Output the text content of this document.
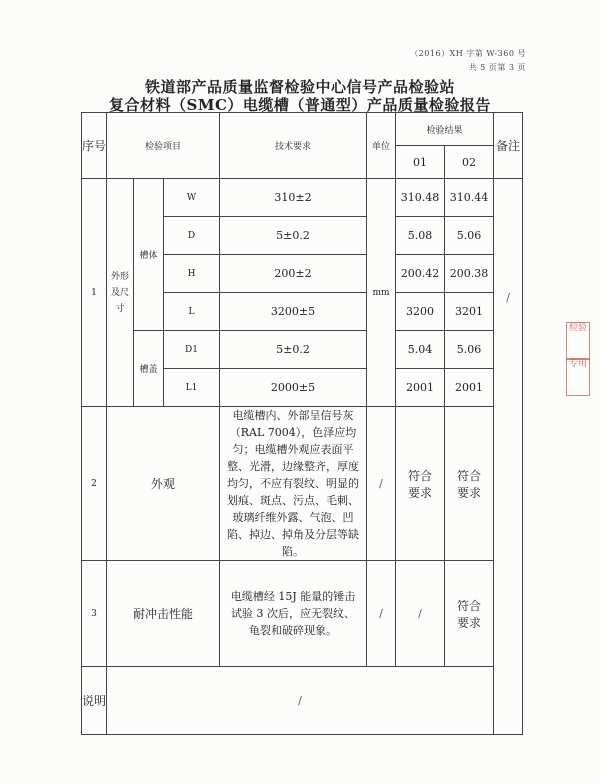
（2016）XH 字第 W-360 号
共 5 页第 3 页
铁道部产品质量监督检验中心信号产品检验站
复合材料（SMC）电缆槽（普通型）产品质量检验报告
序号	检验项目			技术要求	单位	检验结果		备注
						01	02	
1	外形及尺寸	槽体	W	310±2	mm	310.48	310.44	/
			D	5±0.2		5.08	5.06	
			H	200±2		200.42	200.38	
			L	3200±5		3200	3201	
		槽盖	D1	5±0.2		5.04	5.06	
			L1	2000±5		2001	2001	
2	外观			电缆槽内、外部呈信号灰（RAL 7004），色泽应均匀；电缆槽外观应表面平整、光滑，边缘整齐，厚度均匀，不应有裂纹、明显的划痕、斑点、污点、毛刺、玻璃纤维外露、气泡、凹陷、掉边、掉角及分层等缺陷。	/	符合要求	符合要求	
3	耐冲击性能			电缆槽经 15J 能量的锤击试验 3 次后，应无裂纹、龟裂和破碎现象。	/	/	符合要求	
说明	/							
检验
专用
